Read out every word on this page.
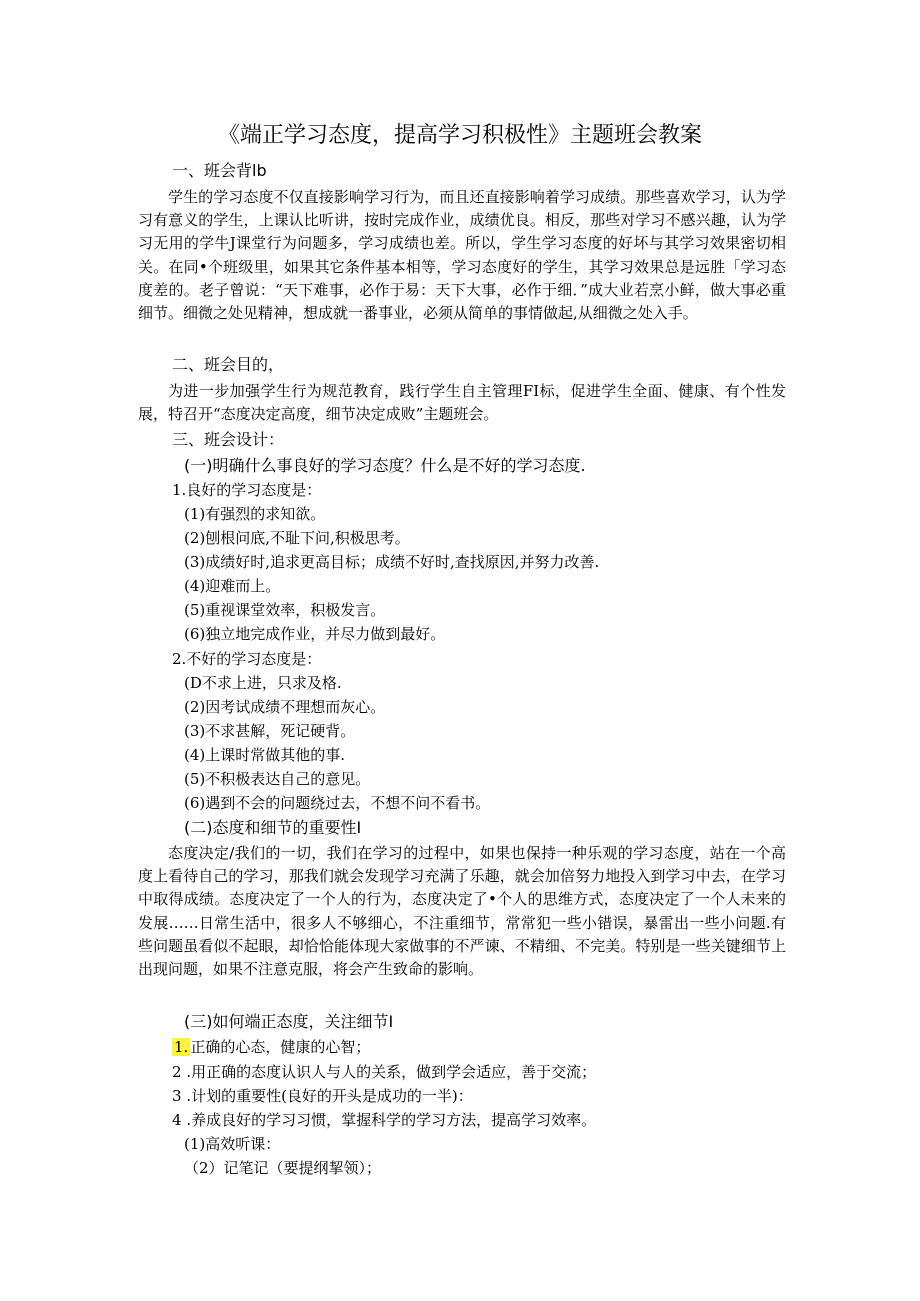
《端正学习态度，提高学习积极性》主题班会教案

一、班会背lb

学生的学习态度不仅直接影响学习行为，而且还直接影响着学习成绩。那些喜欢学习，认为学习有意义的学生，上课认比听讲，按时完成作业，成绩优良。相反，那些对学习不感兴趣，认为学习无用的学牛J课堂行为问题多，学习成绩也差。所以，学生学习态度的好坏与其学习效果密切相关。在同•个班级里，如果其它条件基本相等，学习态度好的学生，其学习效果总是远胜「学习态度差的。老子曾说：“天下难事，必作于易：天下大事，必作于细．”成大业若烹小鲜，做大事必重细节。细微之处见精神，想成就一番事业，必须从简单的事情做起,从细微之处入手。

二、班会目的，

为进一步加强学生行为规范教育，践行学生自主管理FI标，促进学生全面、健康、有个性发展，特召开“态度决定高度，细节决定成败”主题班会。

三、班会设计：

(一)明确什么事良好的学习态度？什么是不好的学习态度.

1.良好的学习态度是：

(1)有强烈的求知欲。

(2)刨根问底,不耻下问,积极思考。

(3)成绩好时,追求更高目标；成绩不好时,查找原因,并努力改善.

(4)迎难而上。

(5)重视课堂效率，积极发言。

(6)独立地完成作业，并尽力做到最好。

2.不好的学习态度是：

(D不求上进，只求及格.

(2)因考试成绩不理想而灰心。

(3)不求甚解，死记硬背。

(4)上课时常做其他的事.

(5)不积极表达自己的意见。

(6)遇到不会的问题绕过去，不想不问不看书。

(二)态度和细节的重要性I

态度决定/我们的一切，我们在学习的过程中，如果也保持一种乐观的学习态度，站在一个高度上看待自己的学习，那我们就会发现学习充满了乐趣，就会加倍努力地投入到学习中去，在学习中取得成绩。态度决定了一个人的行为，态度决定了•个人的思维方式，态度决定了一个人未来的发展……日常生活中，很多人不够细心，不注重细节，常常犯一些小错误，暴雷出一些小问题.有些问题虽看似不起眼，却恰恰能体现大家做事的不严谏、不精细、不完美。特别是一些关键细节上出现问题，如果不注意克服，将会产生致命的影响。

(三)如何端正态度，关注细节I

1. 正确的心态，健康的心智；

2 .用正确的态度认识人与人的关系，做到学会适应，善于交流；

3 .计划的重要性(良好的开头是成功的一半)：

4 .养成良好的学习习惯，掌握科学的学习方法，提高学习效率。

(1)高效听课：

（2）记笔记（要提纲挈领）；
